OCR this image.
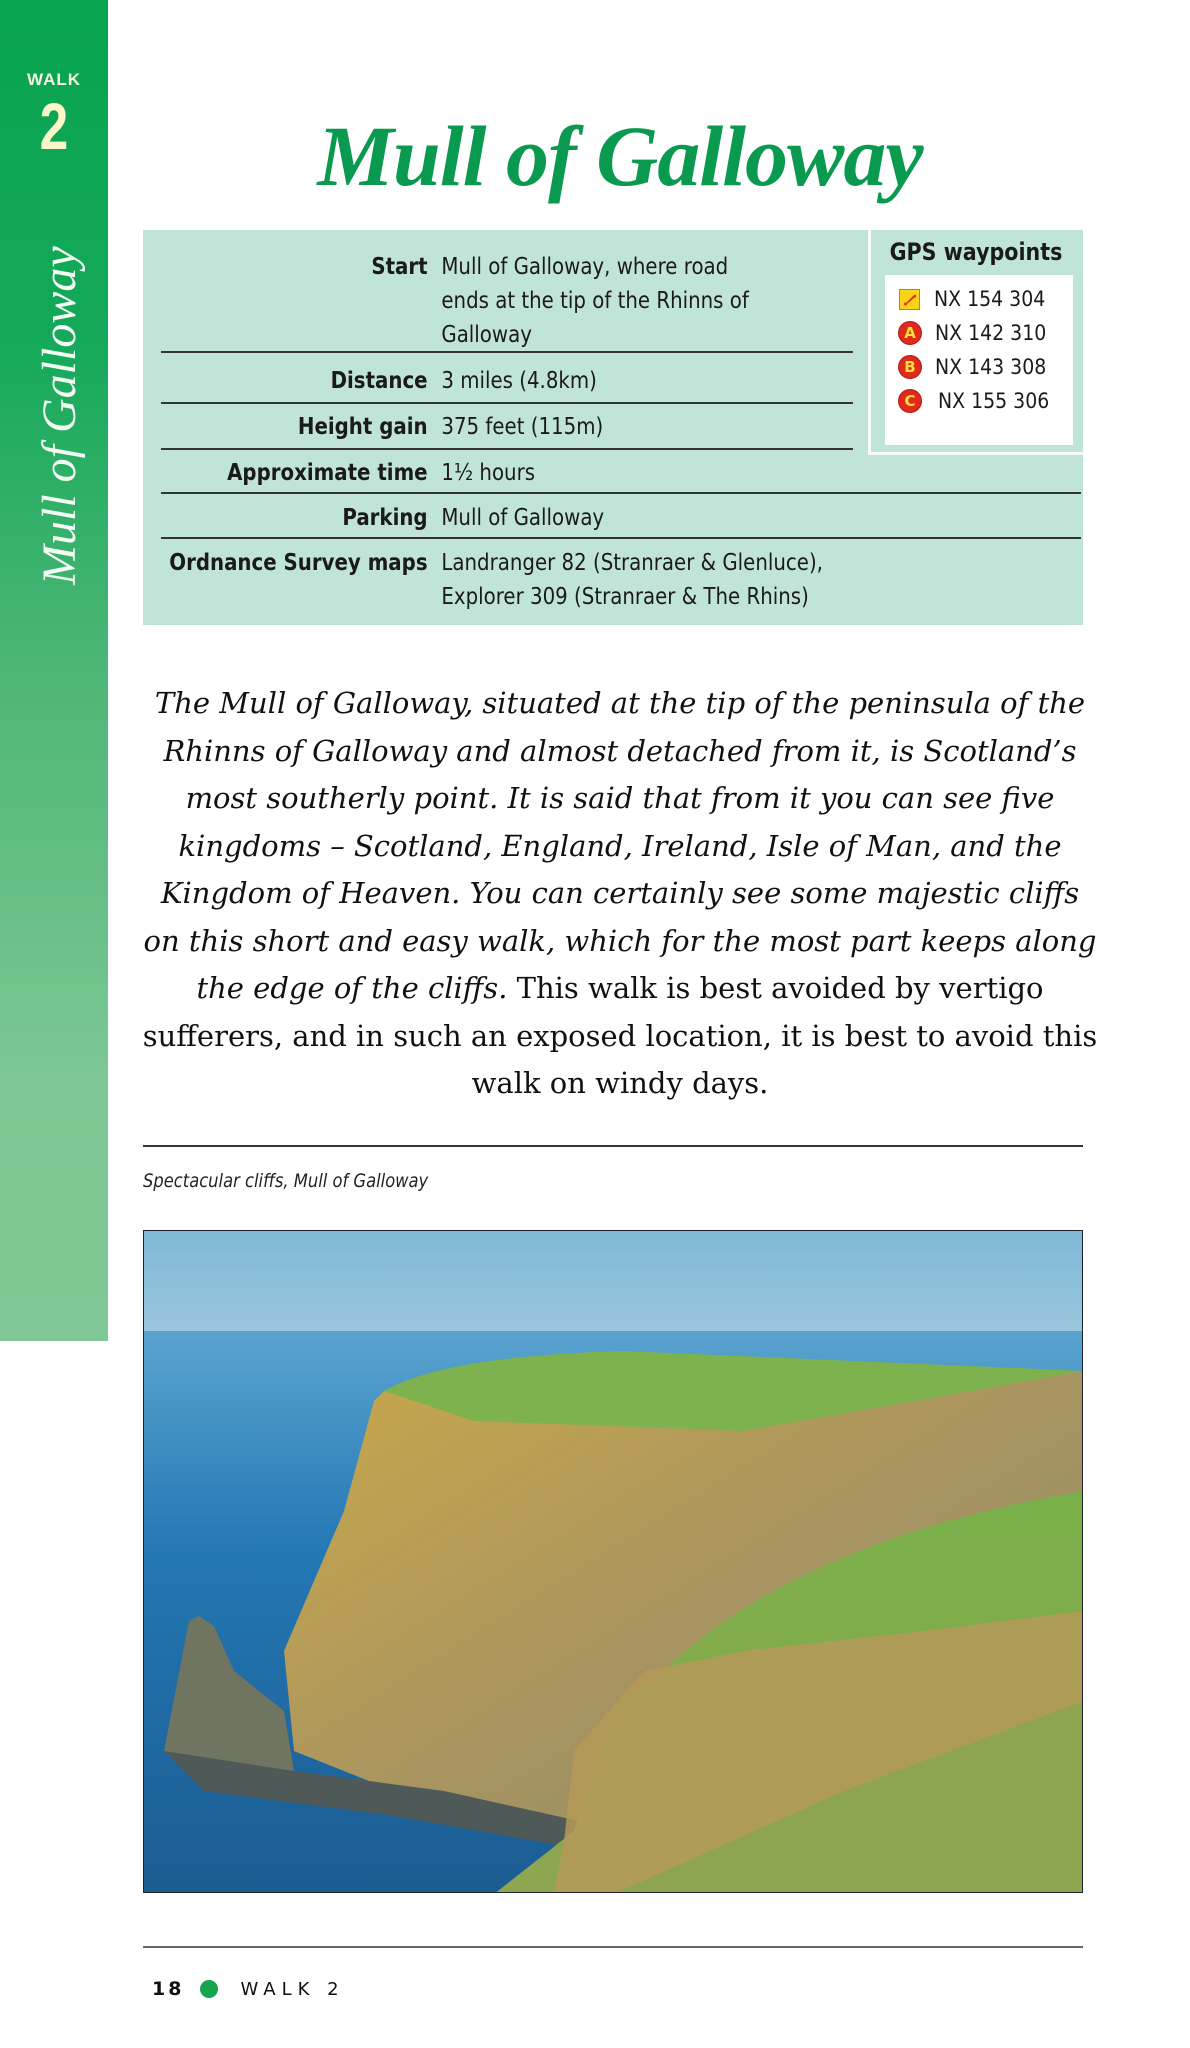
WALK
2
Mull of Galloway
Mull of Galloway
Start Mull of Galloway, where road
ends at the tip of the Rhinns of
Galloway
Distance 3 miles (4.8km)
Height gain 375 feet (115m)
Approximate time 1½ hours
Parking Mull of Galloway
Ordnance Survey maps Landranger 82 (Stranraer & Glenluce),
Explorer 309 (Stranraer & The Rhins)
GPS waypoints
NX 154 304
A NX 142 310
B NX 143 308
C NX 155 306

The Mull of Galloway, situated at the tip of the peninsula of the Rhinns of Galloway and almost detached from it, is Scotland’s most southerly point. It is said that from it you can see five kingdoms – Scotland, England, Ireland, Isle of Man, and the Kingdom of Heaven. You can certainly see some majestic cliffs on this short and easy walk, which for the most part keeps along the edge of the cliffs. This walk is best avoided by vertigo sufferers, and in such an exposed location, it is best to avoid this walk on windy days.

Spectacular cliffs, Mull of Galloway
18	WALK 2
